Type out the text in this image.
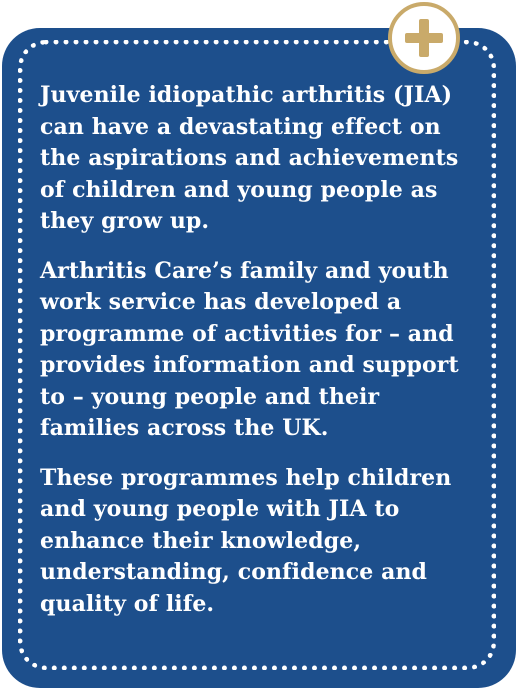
Juvenile idiopathic arthritis (JIA) can have a devastating effect on the aspirations and achievements of children and young people as they grow up.

Arthritis Care’s family and youth work service has developed a programme of activities for – and provides information and support to – young people and their families across the UK.

These programmes help children and young people with JIA to enhance their knowledge, understanding, confidence and quality of life.
